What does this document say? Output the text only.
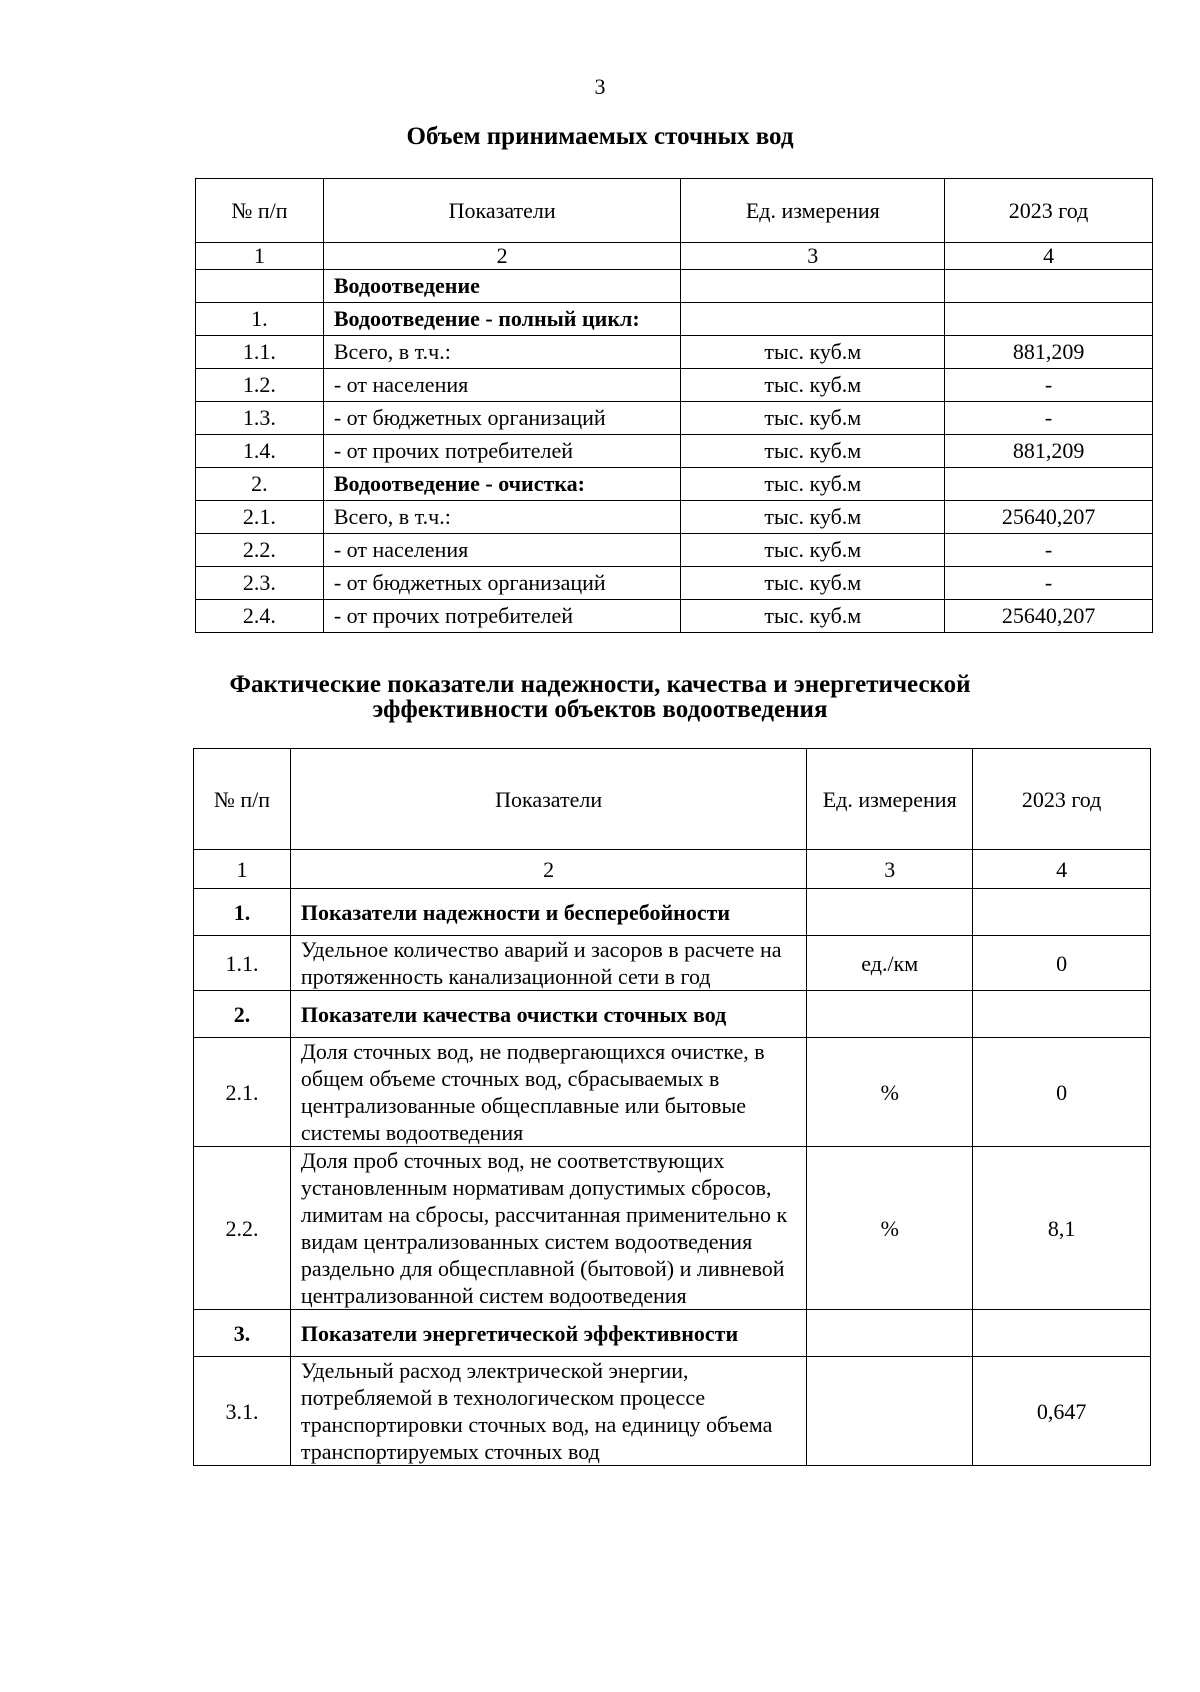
3
Объем принимаемых сточных вод
№ п/п	Показатели	Ед. измерения	2023 год
1	2	3	4
	Водоотведение		
1.	Водоотведение - полный цикл:		
1.1.	Всего, в т.ч.:	тыс. куб.м	881,209
1.2.	- от населения	тыс. куб.м	-
1.3.	- от бюджетных организаций	тыс. куб.м	-
1.4.	- от прочих потребителей	тыс. куб.м	881,209
2.	Водоотведение - очистка:	тыс. куб.м	
2.1.	Всего, в т.ч.:	тыс. куб.м	25640,207
2.2.	- от населения	тыс. куб.м	-
2.3.	- от бюджетных организаций	тыс. куб.м	-
2.4.	- от прочих потребителей	тыс. куб.м	25640,207
Фактические показатели надежности, качества и энергетической
эффективности объектов водоотведения
№ п/п	Показатели	Ед. измерения	2023 год
1	2	3	4
1.	Показатели надежности и бесперебойности		
1.1.	Удельное количество аварий и засоров в расчете на протяженность канализационной сети в год	ед./км	0
2.	Показатели качества очистки сточных вод		
2.1.	Доля сточных вод, не подвергающихся очистке, в общем объеме сточных вод, сбрасываемых в централизованные общесплавные или бытовые системы водоотведения	%	0
2.2.	Доля проб сточных вод, не соответствующих установленным нормативам допустимых сбросов, лимитам на сбросы, рассчитанная применительно к видам централизованных систем водоотведения раздельно для общесплавной (бытовой) и ливневой централизованной систем водоотведения	%	8,1
3.	Показатели энергетической эффективности		
3.1.	Удельный расход электрической энергии, потребляемой в технологическом процессе транспортировки сточных вод, на единицу объема транспортируемых сточных вод		0,647
